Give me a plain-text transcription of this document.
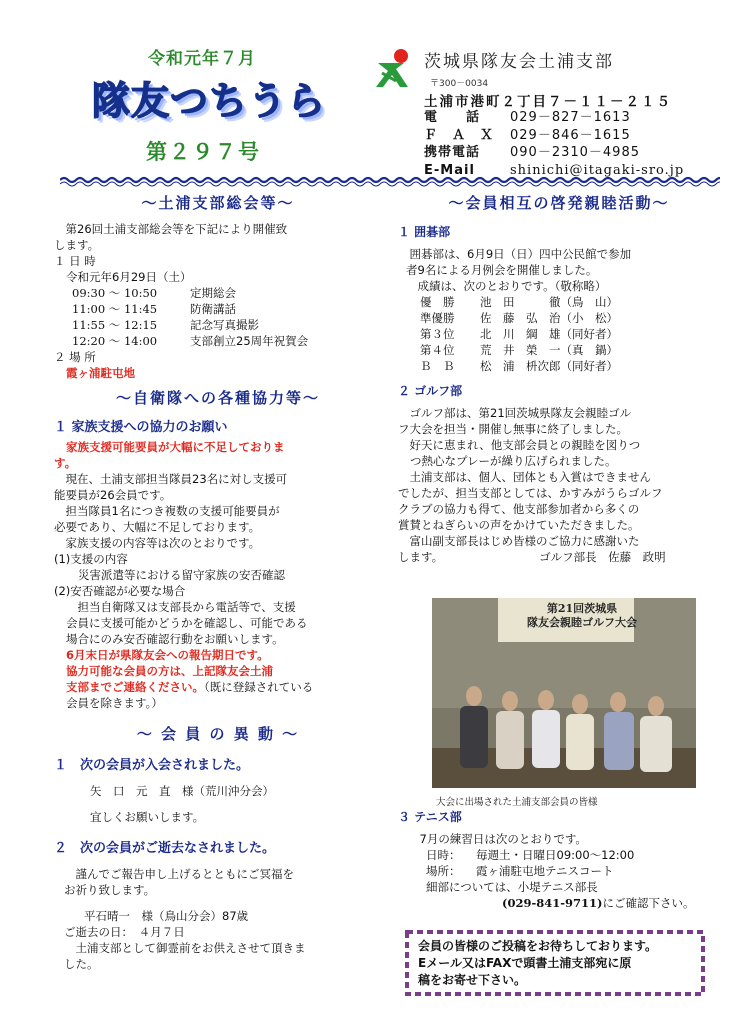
令和元年７月
隊友つちうら
第２９７号
茨城県隊友会土浦支部
〒300－0034
土浦市港町２丁目７－１１－２１５
電　　話	029－827－1613
Ｆ　Ａ　Ｘ	029－846－1615
携帯電話	090－2310－4985
E-Mail	shinichi@itagaki-sro.jp

～土浦支部総会等～

　第26回土浦支部総会等を下記により開催致

します。

１ 日 時

令和元年6月29日（土）

09:30 ～ 10:50	定期総会

11:00 ～ 11:45	防衛講話

11:55 ～ 12:15	記念写真撮影

12:20 ～ 14:00	支部創立25周年祝賀会

２ 場 所

霞ヶ浦駐屯地

～自衛隊への各種協力等～

１ 家族支援への協力のお願い

家族支援可能要員が大幅に不足しておりま

す。

　現在、土浦支部担当隊員23名に対し支援可

能要員が26会員です。

　担当隊員1名につき複数の支援可能要員が

必要であり、大幅に不足しております。

　家族支援の内容等は次のとおりです。

(1)支援の内容

災害派遣等における留守家族の安否確認

(2)安否確認が必要な場合

　担当自衛隊又は支部長から電話等で、支援

会員に支援可能かどうかを確認し、可能である

場合にのみ安否確認行動をお願いします。

6月末日が県隊友会への報告期日です。

協力可能な会員の方は、上記隊友会土浦

支部までご連絡ください。（既に登録されている

会員を除きます。）

～ 会 員 の 異 動 ～

１　次の会員が入会されました。

矢　口　元　直　様（荒川沖分会）

宜しくお願いします。

２　次の会員がご逝去なされました。

　謹んでご報告申し上げるとともにご冥福を

お祈り致します。

平石晴一　様（鳥山分会）87歳

ご逝去の日：　４月７日

　土浦支部として御霊前をお供えさせて頂きま

した。

～会員相互の啓発親睦活動～

１ 囲碁部

　囲碁部は、6月9日（日）四中公民館で参加

者9名による月例会を開催しました。

　成績は、次のとおりです。（敬称略）

優　勝 池　田　　　徹（鳥　山）

準優勝 佐　藤　弘　治（小　松）

第３位 北　川　綱　雄（同好者）

第４位 荒　井　榮　一（真　鍋）

Ｂ　Ｂ 松　浦　枡次郎（同好者）

２ ゴルフ部

　ゴルフ部は、第21回茨城県隊友会親睦ゴル

フ大会を担当・開催し無事に終了しました。

　好天に恵まれ、他支部会員との親睦を図りつ

つ熱心なプレーが繰り広げられました。

　土浦支部は、個人、団体とも入賞はできません

でしたが、担当支部としては、かすみがうらゴルフ

クラブの協力も得て、他支部参加者から多くの

賞賛とねぎらいの声をかけていただきました。

　富山副支部長はじめ皆様のご協力に感謝いた

します。	ゴルフ部長　佐藤　政明

第21回茨城県
隊友会親睦ゴルフ大会
大会に出場された土浦支部会員の皆様

３ テニス部

　7月の練習日は次のとおりです。

日時： 毎週土・日曜日09:00～12:00

場所： 霞ヶ浦駐屯地テニスコート

細部については、小堤テニス部長

(029-841-9711)にご確認下さい。

会員の皆様のご投稿をお待ちしております。
Eメール又はFAXで頭書土浦支部宛に原
稿をお寄せ下さい。
